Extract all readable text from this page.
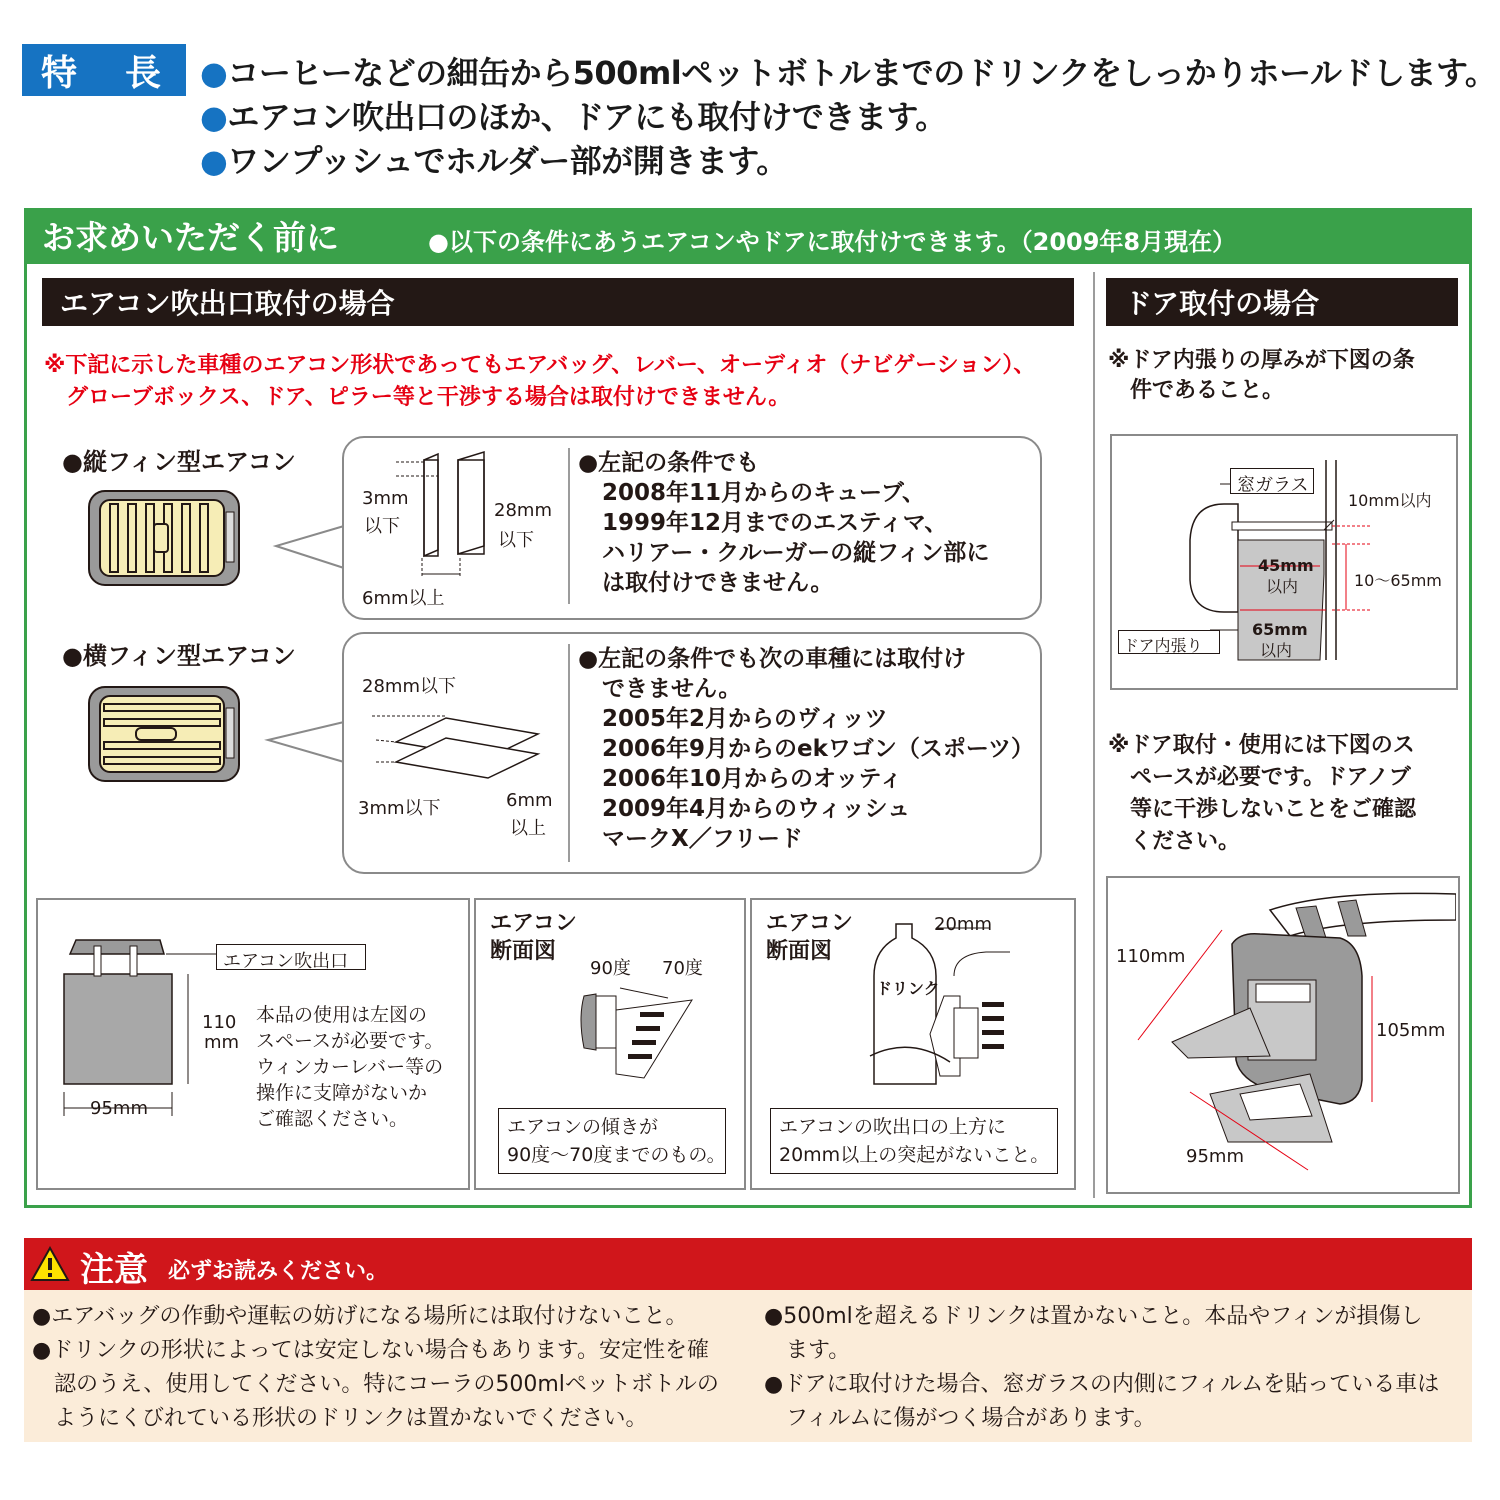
特　長	●コーヒーなどの細缶から500mlペットボトルまでのドリンクをしっかりホールドします。
●エアコン吹出口のほか、ドアにも取付けできます。
●ワンプッシュでホルダー部が開きます。
お求めいただく前に	●以下の条件にあうエアコンやドアに取付けできます。（2009年8月現在）
エアコン吹出口取付の場合
※下記に示した車種のエアコン形状であってもエアバッグ、レバー、オーディオ（ナビゲーション）、
グローブボックス、ドア、ピラー等と干渉する場合は取付けできません。
●縦フィン型エアコン
3mm
以下
28mm
以下
6mm以上
●左記の条件でも
2008年11月からのキューブ、
1999年12月までのエスティマ、
ハリアー・クルーガーの縦フィン部に
は取付けできません。
●横フィン型エアコン
28mm以下
3mm以下	6mm
以上
●左記の条件でも次の車種には取付け
できません。
2005年2月からのヴィッツ
2006年9月からのekワゴン（スポーツ）
2006年10月からのオッティ
2009年4月からのウィッシュ
マークX／フリード
エアコン吹出口
110
mm
95mm
本品の使用は左図の
スペースが必要です。
ウィンカーレバー等の
操作に支障がないか
ご確認ください。
エアコン
断面図
90度 70度
エアコンの傾きが
90度〜70度までのもの。
エアコン
断面図
20mm
ドリンク
エアコンの吹出口の上方に
20mm以上の突起がないこと。
ドア取付の場合
※ドア内張りの厚みが下図の条
件であること。
窓ガラス
10mm以内
45mm
以内	10〜65mm
65mm
以内
ドア内張り
※ドア取付・使用には下図のス
ペースが必要です。ドアノブ
等に干渉しないことをご確認
ください。
110mm
105mm
95mm
注意 必ずお読みください。
●エアバッグの作動や運転の妨げになる場所には取付けないこと。
●ドリンクの形状によっては安定しない場合もあります。安定性を確
　認のうえ、使用してください。特にコーラの500mlペットボトルの
　ようにくびれている形状のドリンクは置かないでください。
●500mlを超えるドリンクは置かないこと。本品やフィンが損傷し
　ます。
●ドアに取付けた場合、窓ガラスの内側にフィルムを貼っている車は
　フィルムに傷がつく場合があります。
